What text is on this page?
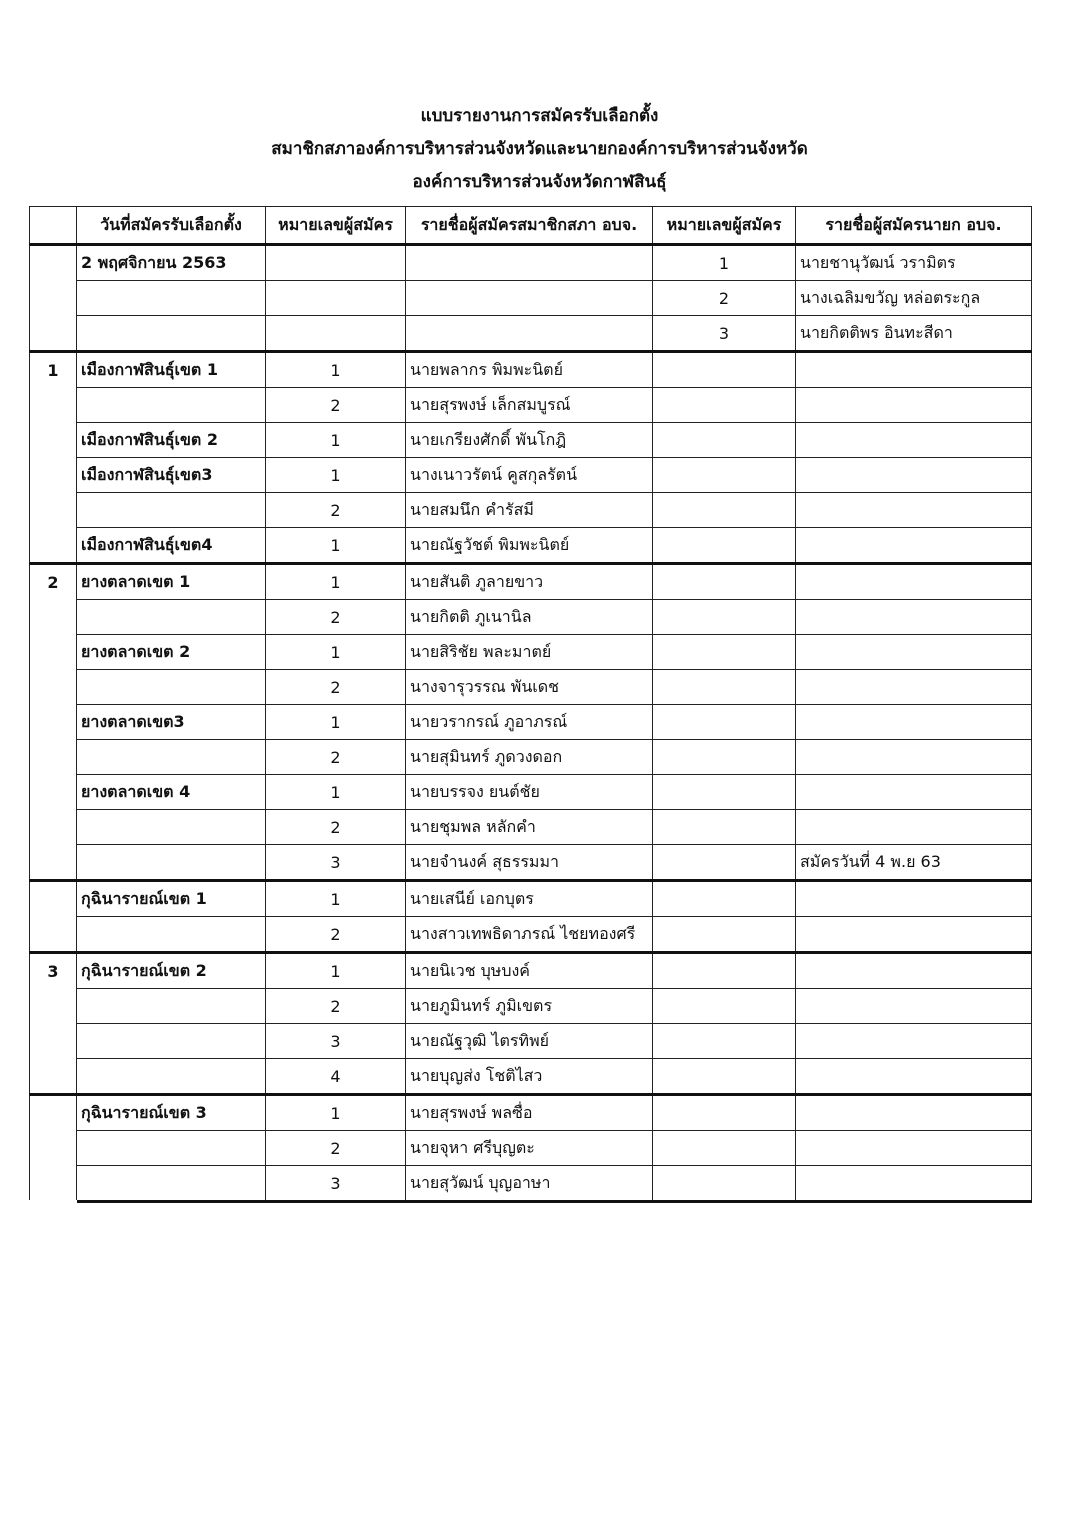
แบบรายงานการสมัครรับเลือกตั้ง
สมาชิกสภาองค์การบริหารส่วนจังหวัดและนายกองค์การบริหารส่วนจังหวัด
องค์การบริหารส่วนจังหวัดกาฬสินธุ์
	วันที่สมัครรับเลือกตั้ง	หมายเลขผู้สมัคร	รายชื่อผู้สมัครสมาชิกสภา อบจ.	หมายเลขผู้สมัคร	รายชื่อผู้สมัครนายก อบจ.
	2 พฤศจิกายน 2563			1	นายชานุวัฒน์ วรามิตร
				2	นางเฉลิมขวัญ หล่อตระกูล
				3	นายกิตติพร อินทะสีดา
1	เมืองกาฬสินธุ์เขต 1	1	นายพลากร พิมพะนิตย์		
		2	นายสุรพงษ์ เล็กสมบูรณ์		
	เมืองกาฬสินธุ์เขต 2	1	นายเกรียงศักดิ์ พันโกฎิ		
	เมืองกาฬสินธุ์เขต3	1	นางเนาวรัตน์ คูสกุลรัตน์		
		2	นายสมนึก คำรัสมี		
	เมืองกาฬสินธุ์เขต4	1	นายณัฐวัชต์ พิมพะนิตย์		
2	ยางตลาดเขต 1	1	นายสันติ ภูลายขาว		
		2	นายกิตติ ภูเนานิล		
	ยางตลาดเขต 2	1	นายสิริชัย พละมาตย์		
		2	นางจารุวรรณ พันเดช		
	ยางตลาดเขต3	1	นายวรากรณ์ ภูอาภรณ์		
		2	นายสุมินทร์ ภูดวงดอก		
	ยางตลาดเขต 4	1	นายบรรจง ยนต์ชัย		
		2	นายชุมพล หลักคำ		
		3	นายจำนงค์ สุธรรมมา		สมัครวันที่ 4 พ.ย 63
	กุฉินารายณ์เขต 1	1	นายเสนีย์ เอกบุตร		
		2	นางสาวเทพธิดาภรณ์ ไชยทองศรี		
3	กุฉินารายณ์เขต 2	1	นายนิเวช บุษบงค์		
		2	นายภูมินทร์ ภูมิเขตร		
		3	นายณัฐวุฒิ ไตรทิพย์		
		4	นายบุญส่ง โชติไสว		
	กุฉินารายณ์เขต 3	1	นายสุรพงษ์ พลซื่อ		
		2	นายจุหา ศรีบุญตะ		
		3	นายสุวัฒน์ บุญอาษา		
